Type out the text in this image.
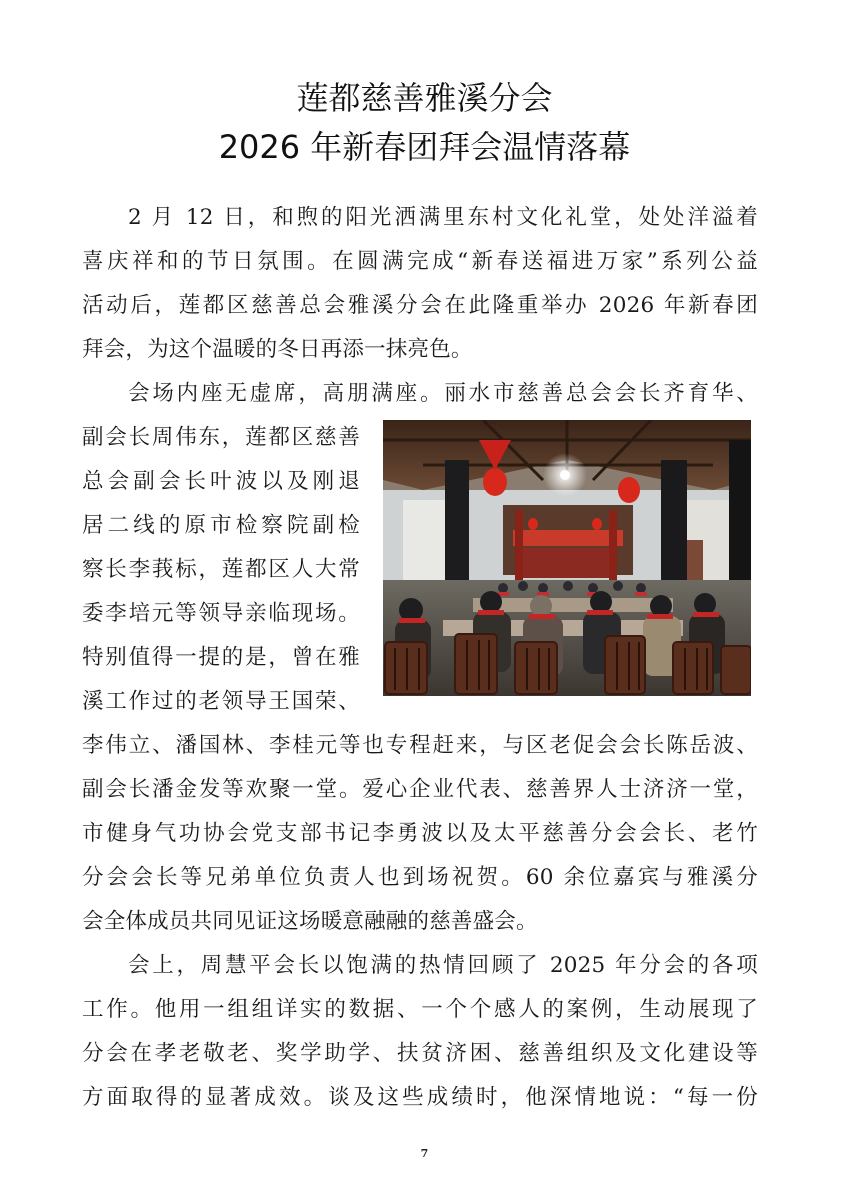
莲都慈善雅溪分会
2026 年新春团拜会温情落幕
2 月 12 日，和煦的阳光洒满里东村文化礼堂，处处洋溢着
喜庆祥和的节日氛围。在圆满完成“新春送福进万家”系列公益
活动后，莲都区慈善总会雅溪分会在此隆重举办 2026 年新春团
拜会，为这个温暖的冬日再添一抹亮色。
会场内座无虚席，高朋满座。丽水市慈善总会会长齐育华、
副会长周伟东，莲都区慈善
总会副会长叶波以及刚退
居二线的原市检察院副检
察长李莪标，莲都区人大常
委李培元等领导亲临现场。
特别值得一提的是，曾在雅
溪工作过的老领导王国荣、
李伟立、潘国林、李桂元等也专程赶来，与区老促会会长陈岳波、
副会长潘金发等欢聚一堂。爱心企业代表、慈善界人士济济一堂，
市健身气功协会党支部书记李勇波以及太平慈善分会会长、老竹
分会会长等兄弟单位负责人也到场祝贺。60 余位嘉宾与雅溪分
会全体成员共同见证这场暖意融融的慈善盛会。
会上，周慧平会长以饱满的热情回顾了 2025 年分会的各项
工作。他用一组组详实的数据、一个个感人的案例，生动展现了
分会在孝老敬老、奖学助学、扶贫济困、慈善组织及文化建设等
方面取得的显著成效。谈及这些成绩时，他深情地说：“每一份
7
